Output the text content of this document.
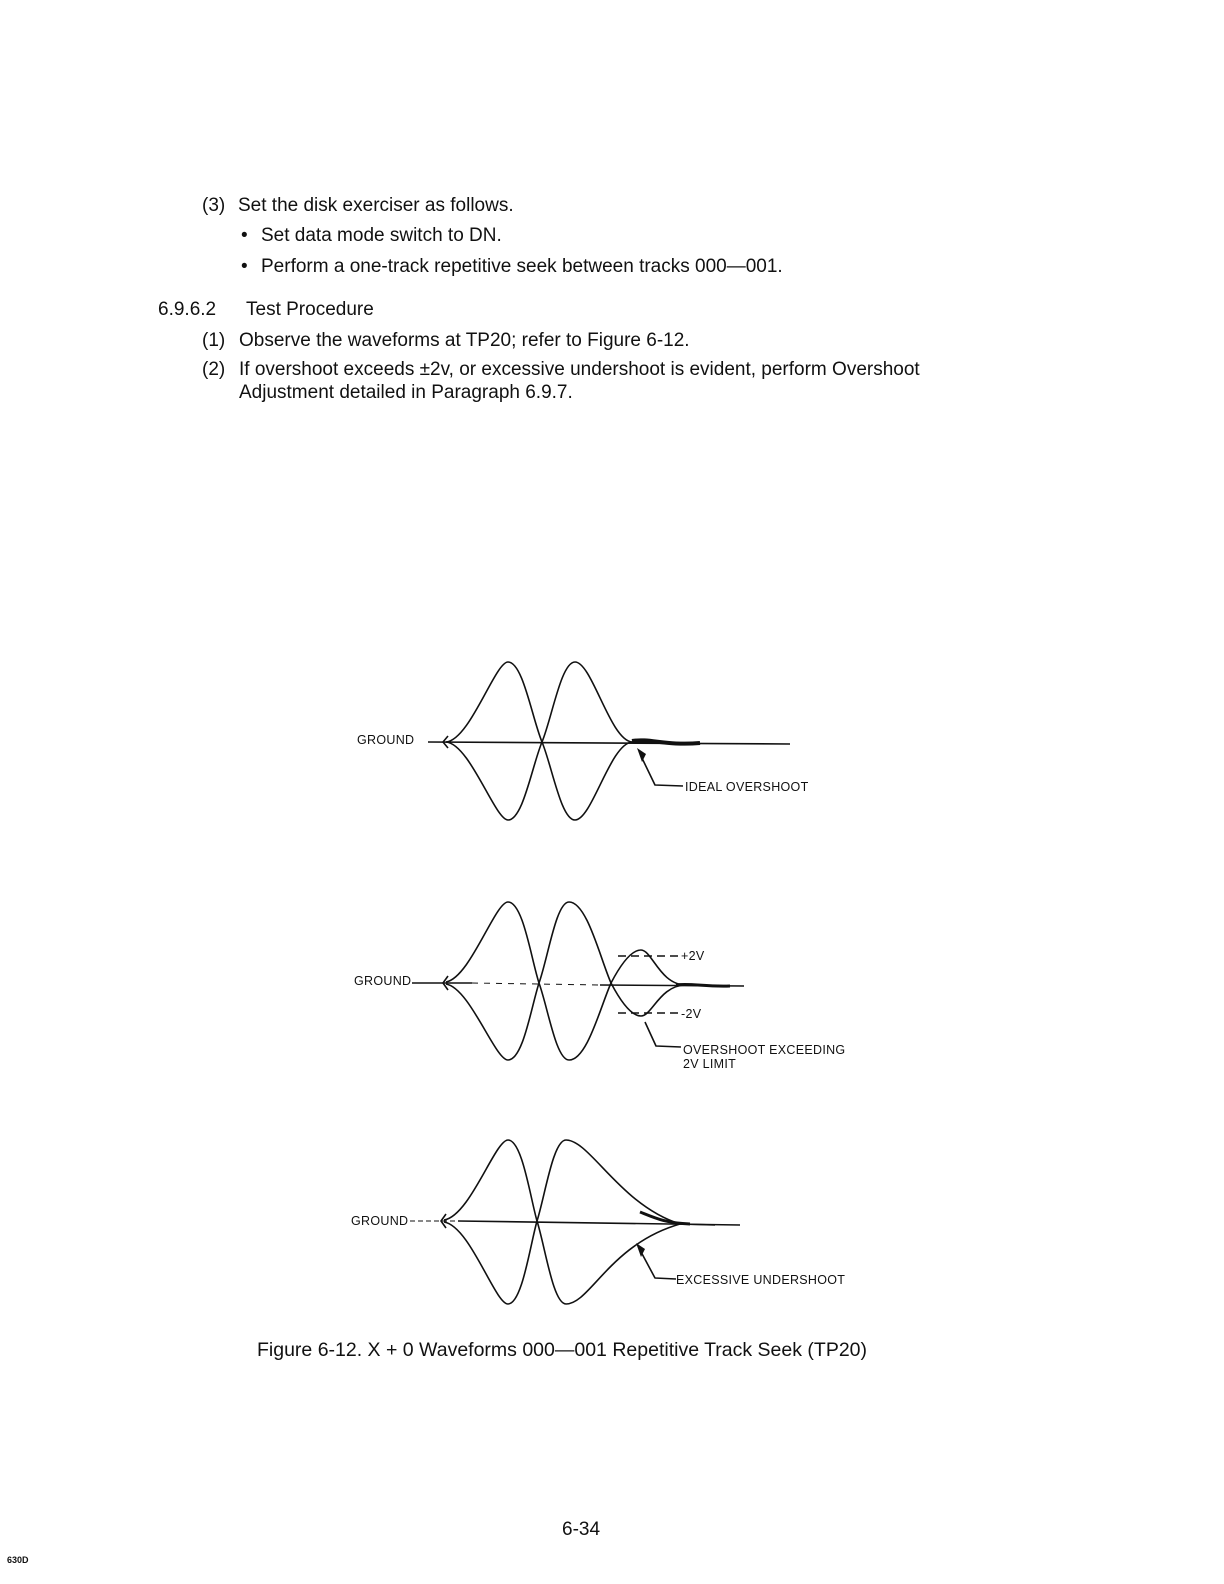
(3) Set the disk exerciser as follows.
• Set data mode switch to DN.
• Perform a one-track repetitive seek between tracks 000—001.
6.9.6.2 Test Procedure
(1) Observe the waveforms at TP20; refer to Figure 6-12.
(2) If overshoot exceeds ±2v, or excessive undershoot is evident, perform Overshoot
Adjustment detailed in Paragraph 6.9.7.
GROUND
IDEAL OVERSHOOT
GROUND
+2V
-2V
OVERSHOOT EXCEEDING
2V LIMIT
GROUND
EXCESSIVE UNDERSHOOT
Figure 6-12. X + 0 Waveforms 000—001 Repetitive Track Seek (TP20)
630D
6-34
